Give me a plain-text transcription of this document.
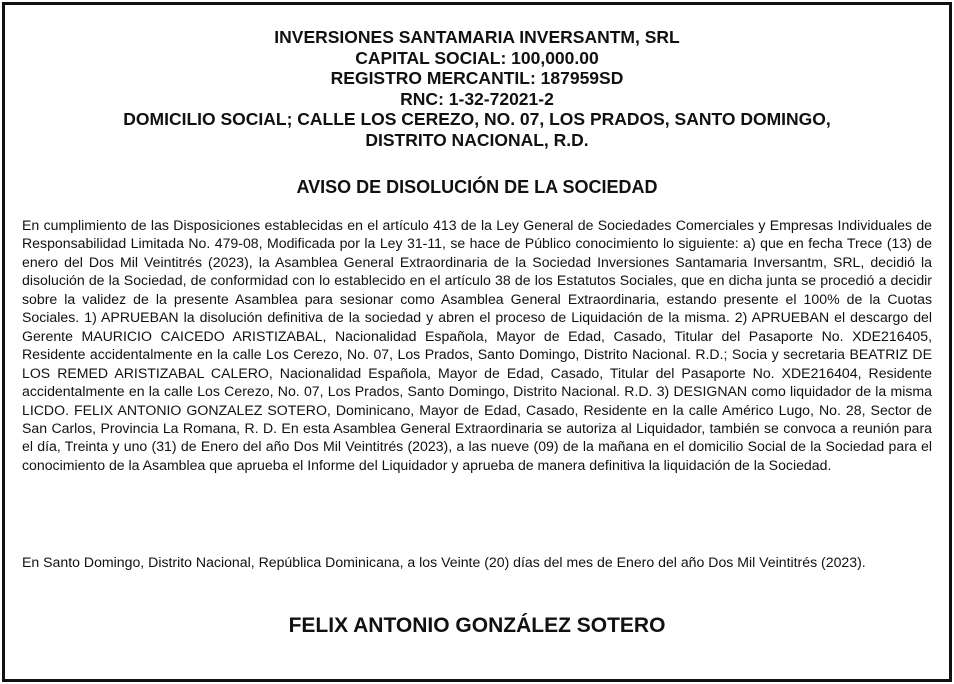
INVERSIONES SANTAMARIA INVERSANTM, SRL
CAPITAL SOCIAL: 100,000.00
REGISTRO MERCANTIL: 187959SD
RNC: 1-32-72021-2
DOMICILIO SOCIAL; CALLE LOS CEREZO, NO. 07, LOS PRADOS, SANTO DOMINGO,
DISTRITO NACIONAL, R.D.
AVISO DE DISOLUCIÓN DE LA SOCIEDAD
En cumplimiento de las Disposiciones establecidas en el artículo 413 de la Ley General de Sociedades Comerciales y Empresas Individuales de Responsabilidad Limitada No. 479-08, Modificada por la Ley 31-11, se hace de Público conocimiento lo siguiente: a) que en fecha Trece (13) de enero del Dos Mil Veintitrés (2023), la Asamblea General Extraordinaria de la Sociedad Inversiones Santamaria Inversantm, SRL, decidió la disolución de la Sociedad, de conformidad con lo establecido en el artículo 38 de los Estatutos Sociales, que en dicha junta se procedió a decidir sobre la validez de la presente Asamblea para sesionar como Asamblea General Extraordinaria, estando presente el 100% de la Cuotas Sociales. 1) APRUEBAN la disolución definitiva de la sociedad y abren el proceso de Liquidación de la misma. 2) APRUEBAN el descargo del Gerente MAURICIO CAICEDO ARISTIZABAL, Nacionalidad Española, Mayor de Edad, Casado, Titular del Pasaporte No. XDE216405, Residente accidentalmente en la calle Los Cerezo, No. 07, Los Prados, Santo Domingo, Distrito Nacional. R.D.; Socia y secretaria BEATRIZ DE LOS REMED ARISTIZABAL CALERO, Nacionalidad Española, Mayor de Edad, Casado, Titular del Pasaporte No. XDE216404, Residente accidentalmente en la calle Los Cerezo, No. 07, Los Prados, Santo Domingo, Distrito Nacional. R.D. 3) DESIGNAN como liquidador de la misma LICDO. FELIX ANTONIO GONZALEZ SOTERO, Dominicano, Mayor de Edad, Casado, Residente en la calle Américo Lugo, No. 28, Sector de San Carlos, Provincia La Romana, R. D. En esta Asamblea General Extraordinaria se autoriza al Liquidador, también se convoca a reunión para el día, Treinta y uno (31) de Enero del año Dos Mil Veintitrés (2023), a las nueve (09) de la mañana en el domicilio Social de la Sociedad para el conocimiento de la Asamblea que aprueba el Informe del Liquidador y aprueba de manera definitiva la liquidación de la Sociedad.
En Santo Domingo, Distrito Nacional, República Dominicana, a los Veinte (20) días del mes de Enero del año Dos Mil Veintitrés (2023).
FELIX ANTONIO GONZÁLEZ SOTERO
